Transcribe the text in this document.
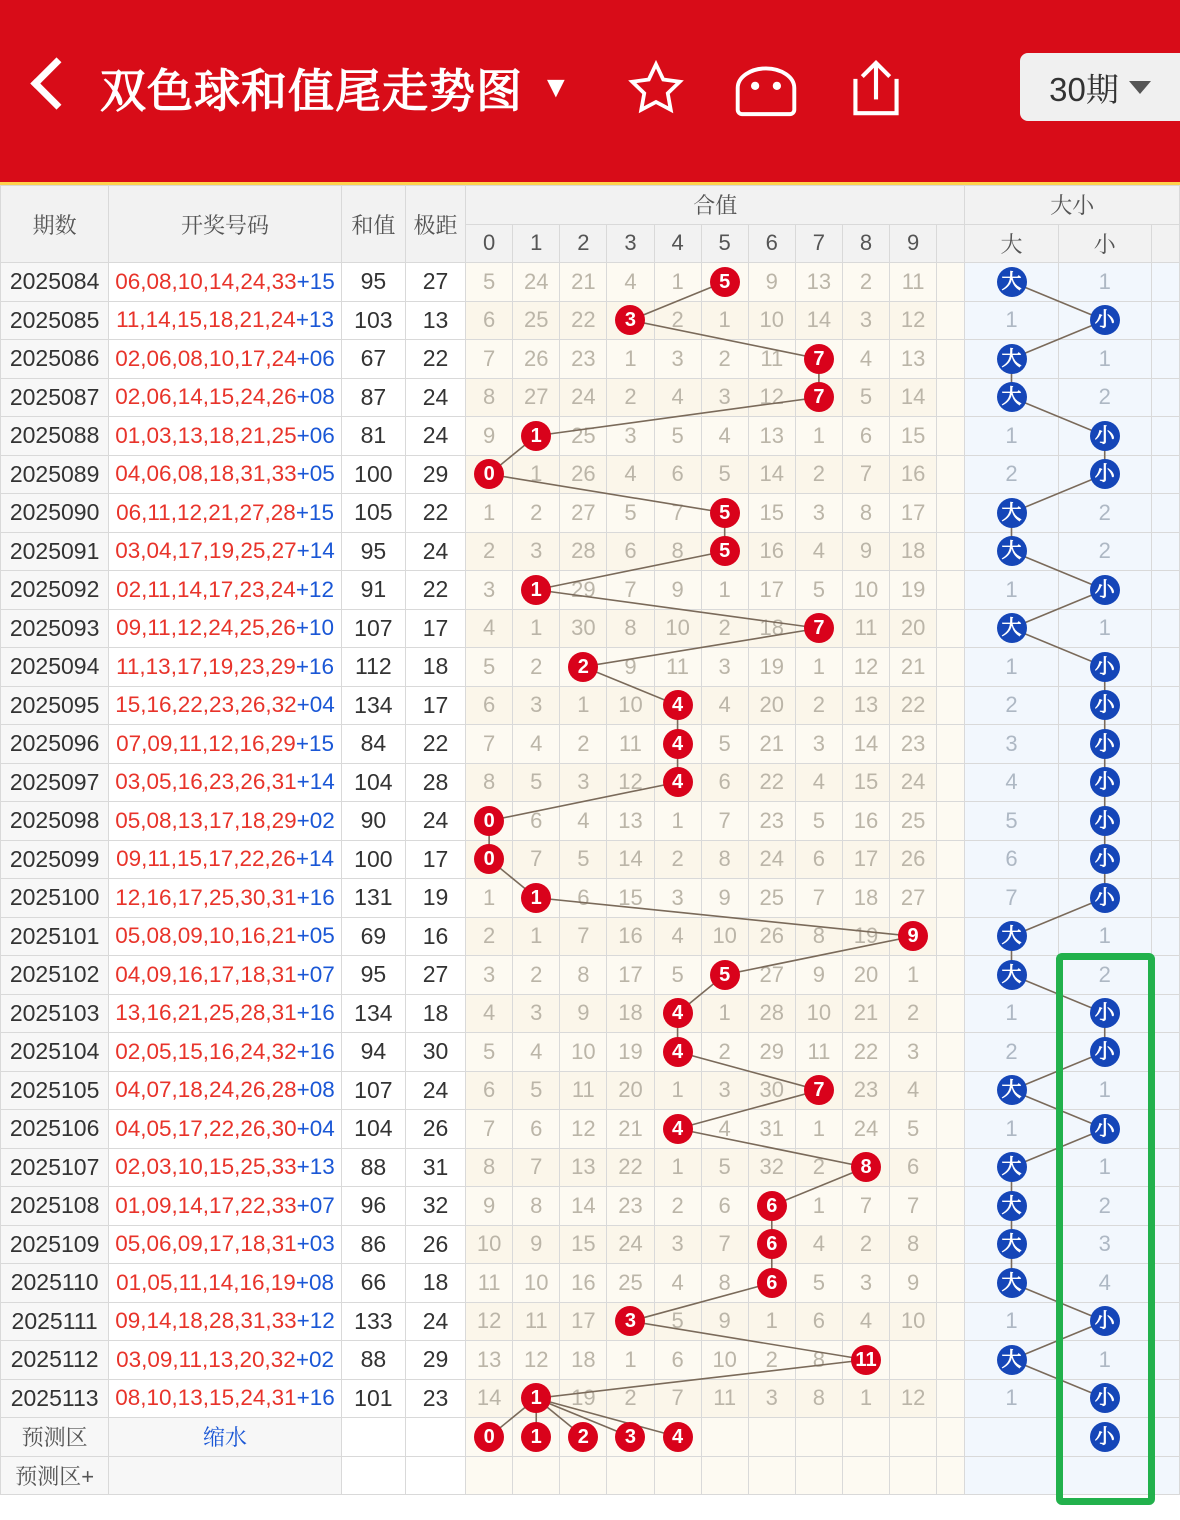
双色球和值尾走势图 ▼	30期
期数	开奖号码	和值	极距	合值											大小		
				0	1	2	3	4	5	6	7	8	9		大	小	
2025084	06,08,10,14,24,33+15	95	27	5	24	21	4	1	5	9	13	2	11		大	1	
2025085	11,14,15,18,21,24+13	103	13	6	25	22	3	2	1	10	14	3	12		1	小	

2025086	02,06,08,10,17,24+06	67	22	7	26	23	1	3	2	11	7	4	13		大	1	
2025087	02,06,14,15,24,26+08	87	24	8	27	24	2	4	3	12	7	5	14		大	2	
2025088	01,03,13,18,21,25+06	81	24	9	1	25	3	5	4	13	1	6	15		1	小	

2025089	04,06,08,18,31,33+05	100	29	0	1	26	4	6	5	14	2	7	16		2	小	

2025090	06,11,12,21,27,28+15	105	22	1	2	27	5	7	5	15	3	8	17		大	2	
2025091	03,04,17,19,25,27+14	95	24	2	3	28	6	8	5	16	4	9	18		大	2	
2025092	02,11,14,17,23,24+12	91	22	3	1	29	7	9	1	17	5	10	19		1	小	

2025093	09,11,12,24,25,26+10	107	17	4	1	30	8	10	2	18	7	11	20		大	1	
2025094	11,13,17,19,23,29+16	112	18	5	2	2	9	11	3	19	1	12	21		1	小	

2025095	15,16,22,23,26,32+04	134	17	6	3	1	10	4	4	20	2	13	22		2	小	

2025096	07,09,11,12,16,29+15	84	22	7	4	2	11	4	5	21	3	14	23		3	小	

2025097	03,05,16,23,26,31+14	104	28	8	5	3	12	4	6	22	4	15	24		4	小	

2025098	05,08,13,17,18,29+02	90	24	0	6	4	13	1	7	23	5	16	25		5	小	

2025099	09,11,15,17,22,26+14	100	17	0	7	5	14	2	8	24	6	17	26		6	小	

2025100	12,16,17,25,30,31+16	131	19	1	1	6	15	3	9	25	7	18	27		7	小	

2025101	05,08,09,10,16,21+05	69	16	2	1	7	16	4	10	26	8	19	9		大	1	
2025102	04,09,16,17,18,31+07	95	27	3	2	8	17	5	5	27	9	20	1		大	2	
2025103	13,16,21,25,28,31+16	134	18	4	3	9	18	4	1	28	10	21	2		1	小	

2025104	02,05,15,16,24,32+16	94	30	5	4	10	19	4	2	29	11	22	3		2	小	

2025105	04,07,18,24,26,28+08	107	24	6	5	11	20	1	3	30	7	23	4		大	1	
2025106	04,05,17,22,26,30+04	104	26	7	6	12	21	4	4	31	1	24	5		1	小	

2025107	02,03,10,15,25,33+13	88	31	8	7	13	22	1	5	32	2	8	6		大	1	
2025108	01,09,14,17,22,33+07	96	32	9	8	14	23	2	6	6	1	7	7		大	2	
2025109	05,06,09,17,18,31+03	86	26	10	9	15	24	3	7	6	4	2	8		大	3	
2025110	01,05,11,14,16,19+08	66	18	11	10	16	25	4	8	6	5	3	9		大	4	
2025111	09,14,18,28,31,33+12	133	24	12	11	17	3	5	9	1	6	4	10		1	小	

2025112	03,09,11,13,20,32+02	88	29	13	12	18	1	6	10	2	8	11			大	1	
2025113	08,10,13,15,24,31+16	101	23	14	1	19	2	7	11	3	8	1	12		1	小	

预测区	缩水			0	1	2	3	4								小	

预测区+																	
